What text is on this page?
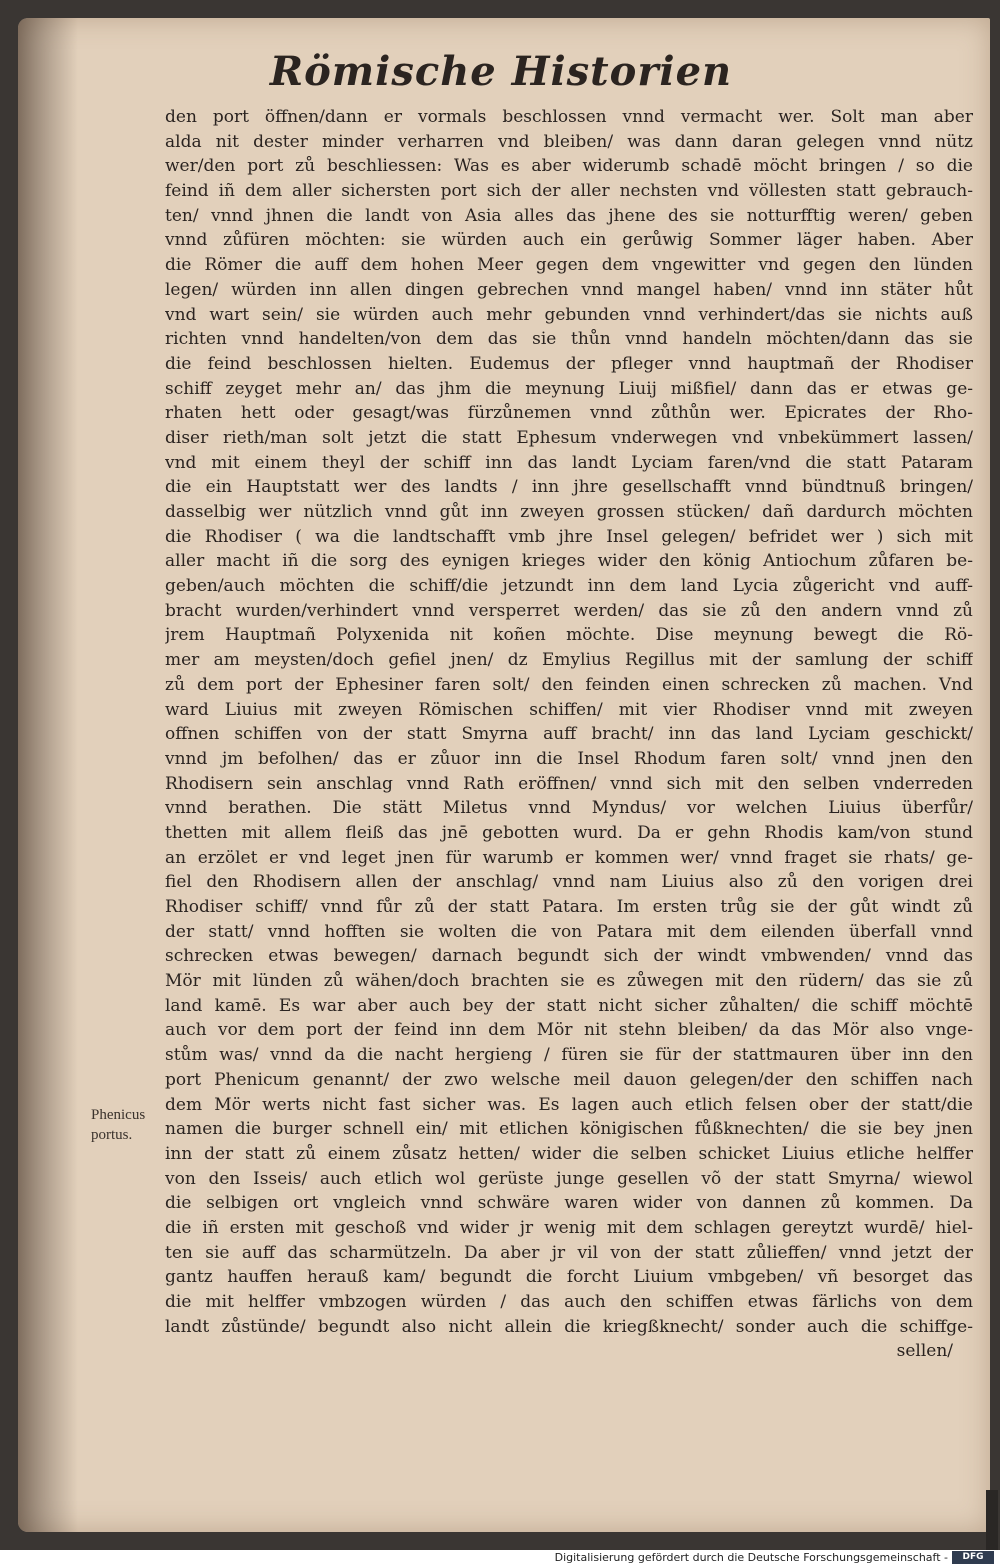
Römische Historien
den port öffnen/dann er vormals beschlossen vnnd vermacht wer. Solt man aber
alda nit dester minder verharren vnd bleiben/ was dann daran gelegen vnnd nütz
wer/den port zů beschliessen: Was es aber widerumb schadē möcht bringen / so die
feind iñ dem aller sichersten port sich der aller nechsten vnd völlesten statt gebrauch-
ten/ vnnd jhnen die landt von Asia alles das jhene des sie notturfftig weren/ geben
vnnd zůfüren möchten: sie würden auch ein gerůwig Sommer läger haben. Aber
die Römer die auff dem hohen Meer gegen dem vngewitter vnd gegen den lünden
legen/ würden inn allen dingen gebrechen vnnd mangel haben/ vnnd inn stäter hůt
vnd wart sein/ sie würden auch mehr gebunden vnnd verhindert/das sie nichts auß
richten vnnd handelten/von dem das sie thůn vnnd handeln möchten/dann das sie
die feind beschlossen hielten. Eudemus der pfleger vnnd hauptmañ der Rhodiser
schiff zeyget mehr an/ das jhm die meynung Liuij mißfiel/ dann das er etwas ge-
rhaten hett oder gesagt/was fürzůnemen vnnd zůthůn wer. Epicrates der Rho-
diser rieth/man solt jetzt die statt Ephesum vnderwegen vnd vnbekümmert lassen/
vnd mit einem theyl der schiff inn das landt Lyciam faren/vnd die statt Pataram
die ein Hauptstatt wer des landts / inn jhre gesellschafft vnnd bündtnuß bringen/
dasselbig wer nützlich vnnd gůt inn zweyen grossen stücken/ dañ dardurch möchten
die Rhodiser ( wa die landtschafft vmb jhre Insel gelegen/ befridet wer ) sich mit
aller macht iñ die sorg des eynigen krieges wider den könig Antiochum zůfaren be-
geben/auch möchten die schiff/die jetzundt inn dem land Lycia zůgericht vnd auff-
bracht wurden/verhindert vnnd versperret werden/ das sie zů den andern vnnd zů
jrem Hauptmañ Polyxenida nit koñen möchte. Dise meynung bewegt die Rö-
mer am meysten/doch gefiel jnen/ dz Emylius Regillus mit der samlung der schiff
zů dem port der Ephesiner faren solt/ den feinden einen schrecken zů machen. Vnd
ward Liuius mit zweyen Römischen schiffen/ mit vier Rhodiser vnnd mit zweyen
offnen schiffen von der statt Smyrna auff bracht/ inn das land Lyciam geschickt/
vnnd jm befolhen/ das er zůuor inn die Insel Rhodum faren solt/ vnnd jnen den
Rhodisern sein anschlag vnnd Rath eröffnen/ vnnd sich mit den selben vnderreden
vnnd berathen. Die stätt Miletus vnnd Myndus/ vor welchen Liuius überfůr/
thetten mit allem fleiß das jnē gebotten wurd. Da er gehn Rhodis kam/von stund
an erzölet er vnd leget jnen für warumb er kommen wer/ vnnd fraget sie rhats/ ge-
fiel den Rhodisern allen der anschlag/ vnnd nam Liuius also zů den vorigen drei
Rhodiser schiff/ vnnd fůr zů der statt Patara. Im ersten trůg sie der gůt windt zů
der statt/ vnnd hofften sie wolten die von Patara mit dem eilenden überfall vnnd
schrecken etwas bewegen/ darnach begundt sich der windt vmbwenden/ vnnd das
Mör mit lünden zů wähen/doch brachten sie es zůwegen mit den rüdern/ das sie zů
land kamē. Es war aber auch bey der statt nicht sicher zůhalten/ die schiff möchtē
auch vor dem port der feind inn dem Mör nit stehn bleiben/ da das Mör also vnge-
stům was/ vnnd da die nacht hergieng / füren sie für der stattmauren über inn den
port Phenicum genannt/ der zwo welsche meil dauon gelegen/der den schiffen nach
dem Mör werts nicht fast sicher was. Es lagen auch etlich felsen ober der statt/die
namen die burger schnell ein/ mit etlichen königischen fůßknechten/ die sie bey jnen
inn der statt zů einem zůsatz hetten/ wider die selben schicket Liuius etliche helffer
von den Isseis/ auch etlich wol gerüste junge gesellen võ der statt Smyrna/ wiewol
die selbigen ort vngleich vnnd schwäre waren wider von dannen zů kommen. Da
die iñ ersten mit geschoß vnd wider jr wenig mit dem schlagen gereytzt wurdē/ hiel-
ten sie auff das scharmützeln. Da aber jr vil von der statt zůlieffen/ vnnd jetzt der
gantz hauffen herauß kam/ begundt die forcht Liuium vmbgeben/ vñ besorget das
die mit helffer vmbzogen würden / das auch den schiffen etwas färlichs von dem
landt zůstünde/ begundt also nicht allein die kriegßknecht/ sonder auch die schiffge-
sellen/
Phenicus
portus.
Digitalisierung gefördert durch die Deutsche Forschungsgemeinschaft -	DFG
